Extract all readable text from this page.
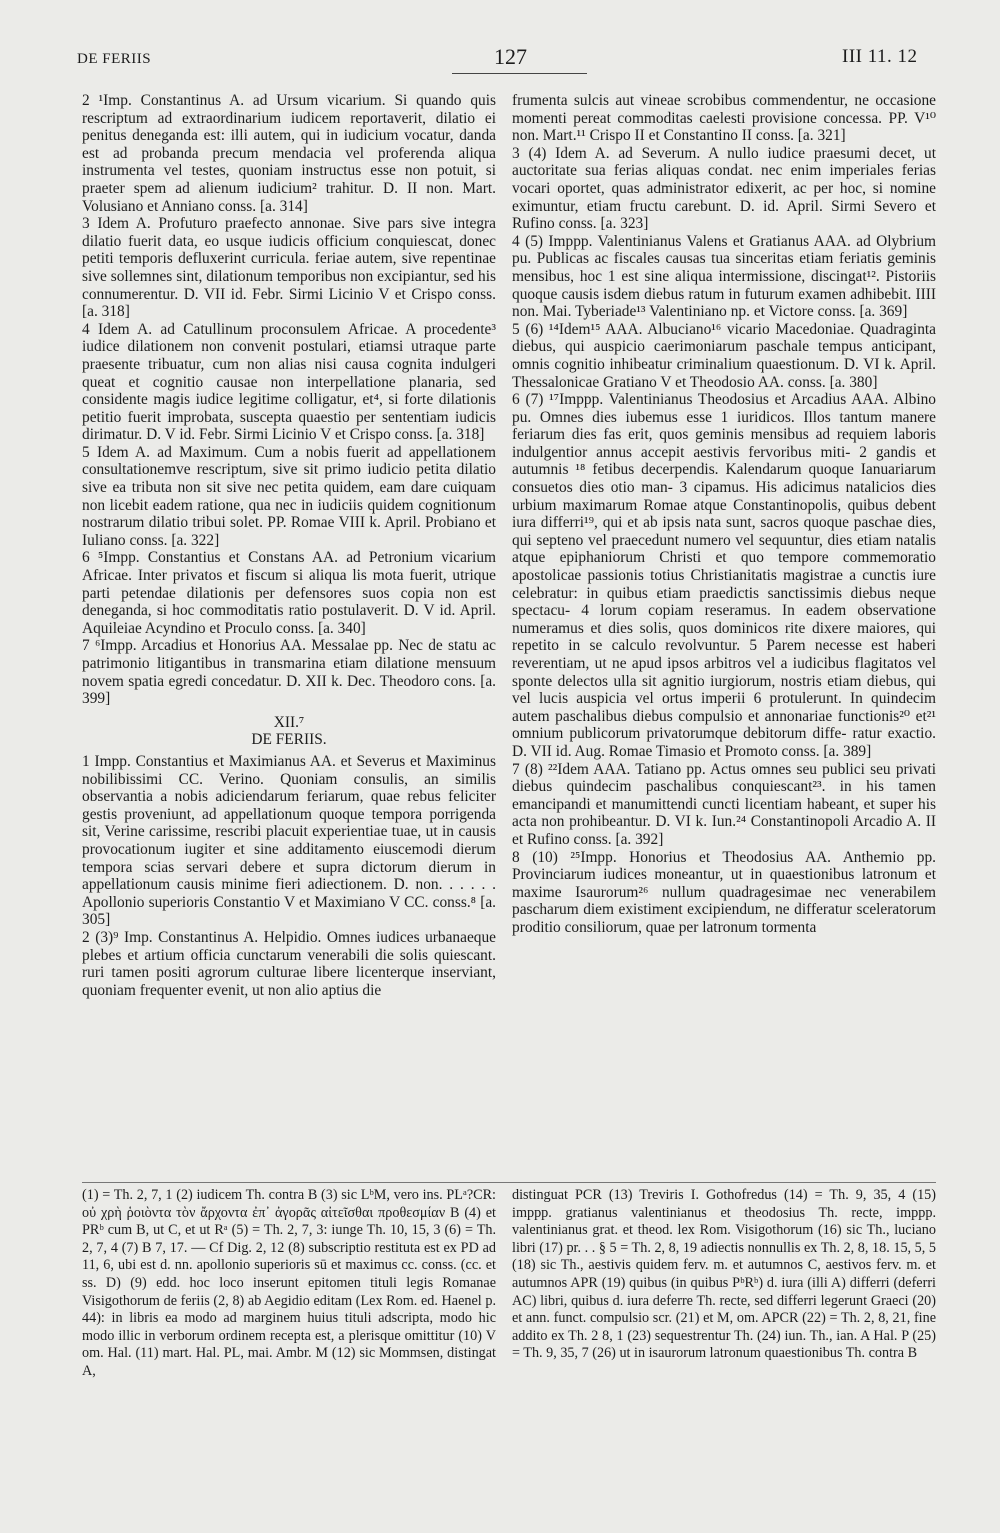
DE FERIIS	127	III 11. 12

2 ¹Imp. Constantinus A. ad Ursum vicarium. Si quando quis rescriptum ad extraordinarium iudicem reportaverit, dilatio ei penitus deneganda est: illi autem, qui in iudicium vocatur, danda est ad probanda precum mendacia vel proferenda aliqua instrumenta vel testes, quoniam instructus esse non potuit, si praeter spem ad alienum iudicium² trahitur. D. II non. Mart. Volusiano et Anniano conss. [a. 314]

3 Idem A. Profuturo praefecto annonae. Sive pars sive integra dilatio fuerit data, eo usque iudicis officium conquiescat, donec petiti temporis defluxerint curricula. feriae autem, sive repentinae sive sollemnes sint, dilationum temporibus non excipiantur, sed his connumerentur. D. VII id. Febr. Sirmi Licinio V et Crispo conss. [a. 318]

4 Idem A. ad Catullinum proconsulem Africae. A procedente³ iudice dilationem non convenit postulari, etiamsi utraque parte praesente tribuatur, cum non alias nisi causa cognita indulgeri queat et cognitio causae non interpellatione planaria, sed considente magis iudice legitime colligatur, et⁴, si forte dilationis petitio fuerit improbata, suscepta quaestio per sententiam iudicis dirimatur. D. V id. Febr. Sirmi Licinio V et Crispo conss. [a. 318]

5 Idem A. ad Maximum. Cum a nobis fuerit ad appellationem consultationemve rescriptum, sive sit primo iudicio petita dilatio sive ea tributa non sit sive nec petita quidem, eam dare cuiquam non licebit eadem ratione, qua nec in iudiciis quidem cognitionum nostrarum dilatio tribui solet. PP. Romae VIII k. April. Probiano et Iuliano conss. [a. 322]

6 ⁵Impp. Constantius et Constans AA. ad Petronium vicarium Africae. Inter privatos et fiscum si aliqua lis mota fuerit, utrique parti petendae dilationis per defensores suos copia non est deneganda, si hoc commoditatis ratio postulaverit. D. V id. April. Aquileiae Acyndino et Proculo conss. [a. 340]

7 ⁶Impp. Arcadius et Honorius AA. Messalae pp. Nec de statu ac patrimonio litigantibus in transmarina etiam dilatione mensuum novem spatia egredi concedatur. D. XII k. Dec. Theodoro cons. [a. 399]

XII.⁷

DE FERIIS.

1 Impp. Constantius et Maximianus AA. et Severus et Maximinus nobilibissimi CC. Verino. Quoniam consulis, an similis observantia a nobis adiciendarum feriarum, quae rebus feliciter gestis proveniunt, ad appellationum quoque tempora porrigenda sit, Verine carissime, rescribi placuit experientiae tuae, ut in causis provocationum iugiter et sine additamento eiuscemodi dierum tempora scias servari debere et supra dictorum dierum in appellationum causis minime fieri adiectionem. D. non. . . . . . Apollonio superioris Constantio V et Maximiano V CC. conss.⁸ [a. 305]

2 (3)⁹ Imp. Constantinus A. Helpidio. Omnes iudices urbanaeque plebes et artium officia cunctarum venerabili die solis quiescant. ruri tamen positi agrorum culturae libere licenterque inserviant, quoniam frequenter evenit, ut non alio aptius die

frumenta sulcis aut vineae scrobibus commendentur, ne occasione momenti pereat commoditas caelesti provisione concessa. PP. V¹⁰ non. Mart.¹¹ Crispo II et Constantino II conss. [a. 321]

3 (4) Idem A. ad Severum. A nullo iudice praesumi decet, ut auctoritate sua ferias aliquas condat. nec enim imperiales ferias vocari oportet, quas administrator edixerit, ac per hoc, si nomine eximuntur, etiam fructu carebunt. D. id. April. Sirmi Severo et Rufino conss. [a. 323]

4 (5) Imppp. Valentinianus Valens et Gratianus AAA. ad Olybrium pu. Publicas ac fiscales causas tua sinceritas etiam feriatis geminis mensibus, hoc 1 est sine aliqua intermissione, discingat¹². Pistoriis quoque causis isdem diebus ratum in futurum examen adhibebit. IIII non. Mai. Tyberiade¹³ Valentiniano np. et Victore conss. [a. 369]

5 (6) ¹⁴Idem¹⁵ AAA. Albuciano¹⁶ vicario Macedoniae. Quadraginta diebus, qui auspicio caerimoniarum paschale tempus anticipant, omnis cognitio inhibeatur criminalium quaestionum. D. VI k. April. Thessalonicae Gratiano V et Theodosio AA. conss. [a. 380]

6 (7) ¹⁷Imppp. Valentinianus Theodosius et Arcadius AAA. Albino pu. Omnes dies iubemus esse 1 iuridicos. Illos tantum manere feriarum dies fas erit, quos geminis mensibus ad requiem laboris indulgentior annus accepit aestivis fervoribus miti- 2 gandis et autumnis ¹⁸ fetibus decerpendis. Kalendarum quoque Ianuariarum consuetos dies otio man- 3 cipamus. His adicimus natalicios dies urbium maximarum Romae atque Constantinopolis, quibus debent iura differri¹⁹, qui et ab ipsis nata sunt, sacros quoque paschae dies, qui septeno vel praecedunt numero vel sequuntur, dies etiam natalis atque epiphaniorum Christi et quo tempore commemoratio apostolicae passionis totius Christianitatis magistrae a cunctis iure celebratur: in quibus etiam praedictis sanctissimis diebus neque spectacu- 4 lorum copiam reseramus. In eadem observatione numeramus et dies solis, quos dominicos rite dixere maiores, qui repetito in se calculo revolvuntur. 5 Parem necesse est haberi reverentiam, ut ne apud ipsos arbitros vel a iudicibus flagitatos vel sponte delectos ulla sit agnitio iurgiorum, nostris etiam diebus, qui vel lucis auspicia vel ortus imperii 6 protulerunt. In quindecim autem paschalibus diebus compulsio et annonariae functionis²⁰ et²¹ omnium publicorum privatorumque debitorum diffe- ratur exactio. D. VII id. Aug. Romae Timasio et Promoto conss. [a. 389]

7 (8) ²²Idem AAA. Tatiano pp. Actus omnes seu publici seu privati diebus quindecim paschalibus conquiescant²³. in his tamen emancipandi et manumittendi cuncti licentiam habeant, et super his acta non prohibeantur. D. VI k. Iun.²⁴ Constantinopoli Arcadio A. II et Rufino conss. [a. 392]

8 (10) ²⁵Impp. Honorius et Theodosius AA. Anthemio pp. Provinciarum iudices moneantur, ut in quaestionibus latronum et maxime Isaurorum²⁶ nullum quadragesimae nec venerabilem pascharum diem existiment excipiendum, ne differatur sceleratorum proditio consiliorum, quae per latronum tormenta

(1) = Th. 2, 7, 1 (2) iudicem Th. contra B (3) sic LᵇM, vero ins. PLᵃ?CR: οὐ χρὴ ῥοιὸντα τὸν ἄρχοντα ἐπ᾽ ἀγορᾶς αἰτεῖσθαι προθεσμίαν B (4) et PRᵇ cum B, ut C, et ut Rᵃ (5) = Th. 2, 7, 3: iunge Th. 10, 15, 3 (6) = Th. 2, 7, 4 (7) B 7, 17. — Cf Dig. 2, 12 (8) subscriptio restituta est ex PD ad 11, 6, ubi est d. nn. apollonio superioris sū et maximus cc. conss. (cc. et ss. D) (9) edd. hoc loco inserunt epitomen tituli legis Romanae Visigothorum de feriis (2, 8) ab Aegidio editam (Lex Rom. ed. Haenel p. 44): in libris ea modo ad marginem huius tituli adscripta, modo hic modo illic in verborum ordinem recepta est, a plerisque omittitur (10) V om. Hal. (11) mart. Hal. PL, mai. Ambr. M (12) sic Mommsen, distingat A,

distinguat PCR (13) Treviris I. Gothofredus (14) = Th. 9, 35, 4 (15) imppp. gratianus valentinianus et theodosius Th. recte, imppp. valentinianus grat. et theod. lex Rom. Visigothorum (16) sic Th., luciano libri (17) pr. . . § 5 = Th. 2, 8, 19 adiectis nonnullis ex Th. 2, 8, 18. 15, 5, 5 (18) sic Th., aestivis quidem ferv. m. et autumnos C, aestivos ferv. m. et autumnos APR (19) quibus (in quibus PᵇRᵇ) d. iura (illi A) differri (deferri AC) libri, quibus d. iura deferre Th. recte, sed differri legerunt Graeci (20) et ann. funct. compulsio scr. (21) et M, om. APCR (22) = Th. 2, 8, 21, fine addito ex Th. 2 8, 1 (23) sequestrentur Th. (24) iun. Th., ian. A Hal. P (25) = Th. 9, 35, 7 (26) ut in isaurorum latronum quaestionibus Th. contra B
